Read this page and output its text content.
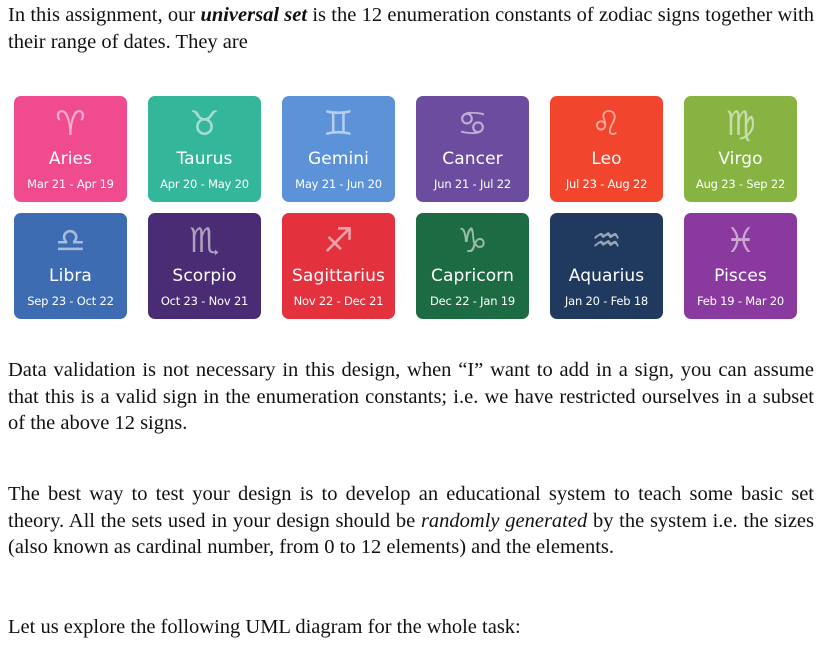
In this assignment, our universal set is the 12 enumeration constants of zodiac signs together with their range of dates. They are

♈
Aries
Mar 21 - Apr 19
♉
Taurus
Apr 20 - May 20
♊
Gemini
May 21 - Jun 20
♋
Cancer
Jun 21 - Jul 22
♌
Leo
Jul 23 - Aug 22
♍
Virgo
Aug 23 - Sep 22
♎
Libra
Sep 23 - Oct 22
♏
Scorpio
Oct 23 - Nov 21
♐
Sagittarius
Nov 22 - Dec 21
♑
Capricorn
Dec 22 - Jan 19
♒
Aquarius
Jan 20 - Feb 18
♓
Pisces
Feb 19 - Mar 20

Data validation is not necessary in this design, when “I” want to add in a sign, you can assume that this is a valid sign in the enumeration constants; i.e. we have restricted ourselves in a subset of the above 12 signs.

The best way to test your design is to develop an educational system to teach some basic set theory. All the sets used in your design should be randomly generated by the system i.e. the sizes (also known as cardinal number, from 0 to 12 elements) and the elements.

Let us explore the following UML diagram for the whole task:
